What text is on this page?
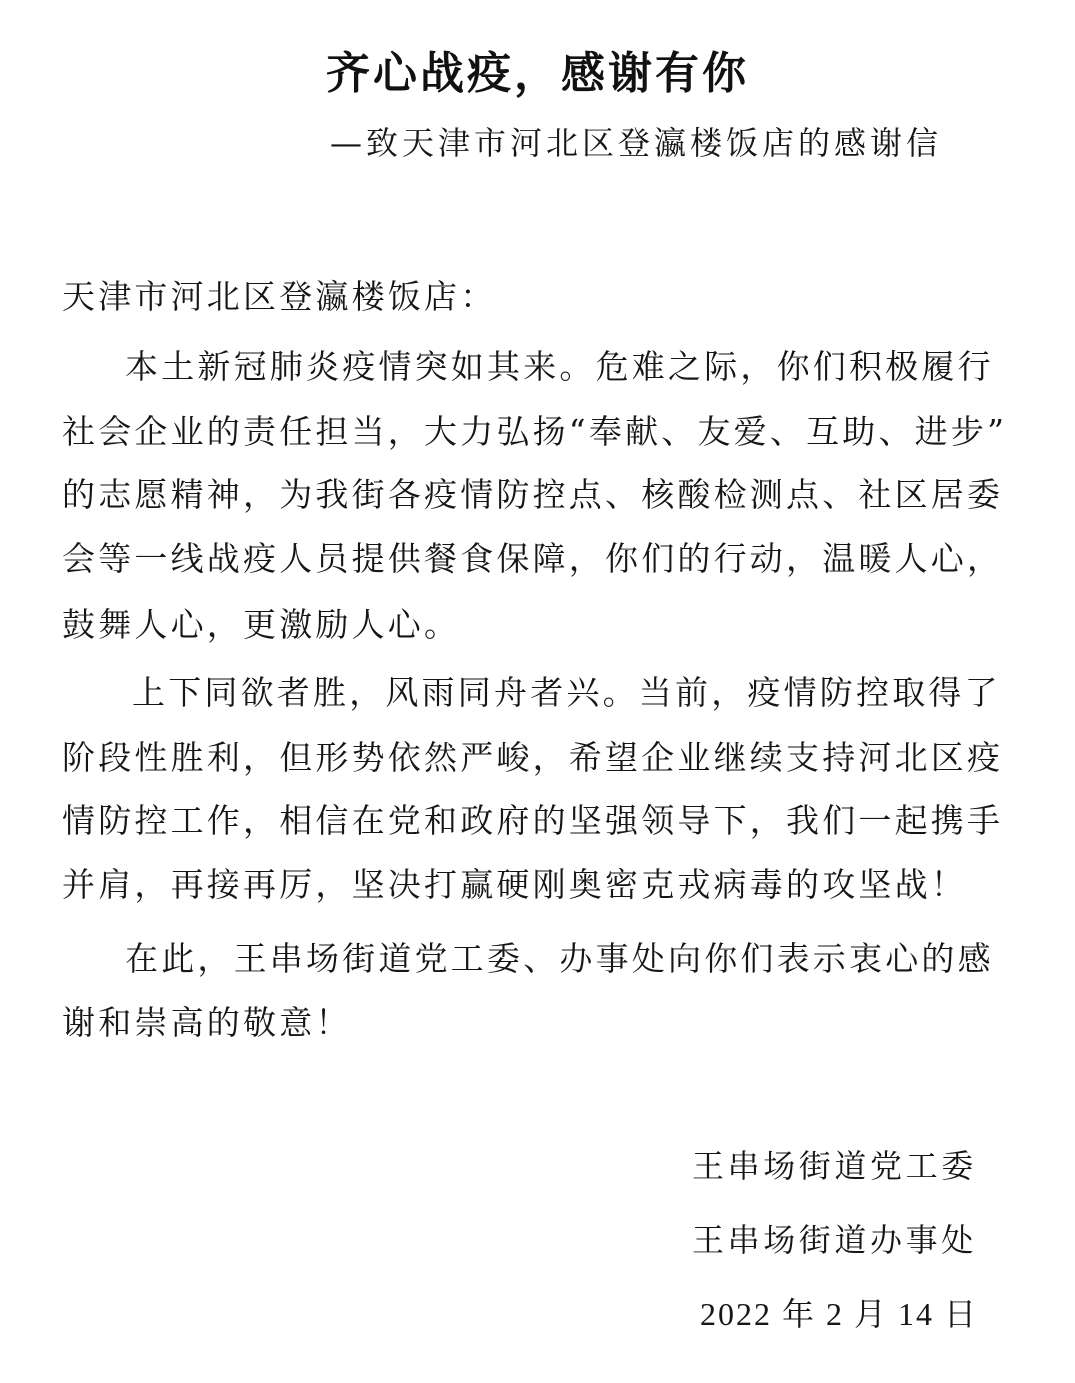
齐心战疫，感谢有你
—致天津市河北区登瀛楼饭店的感谢信
天津市河北区登瀛楼饭店：
本土新冠肺炎疫情突如其来。危难之际，你们积极履行
社会企业的责任担当，大力弘扬“奉献、友爱、互助、进步”
的志愿精神，为我街各疫情防控点、核酸检测点、社区居委
会等一线战疫人员提供餐食保障，你们的行动，温暖人心，
鼓舞人心，更激励人心。
上下同欲者胜，风雨同舟者兴。当前，疫情防控取得了
阶段性胜利，但形势依然严峻，希望企业继续支持河北区疫
情防控工作，相信在党和政府的坚强领导下，我们一起携手
并肩，再接再厉，坚决打赢硬刚奥密克戎病毒的攻坚战！
在此，王串场街道党工委、办事处向你们表示衷心的感
谢和崇高的敬意！
王串场街道党工委
王串场街道办事处
2022 年 2 月 14 日
